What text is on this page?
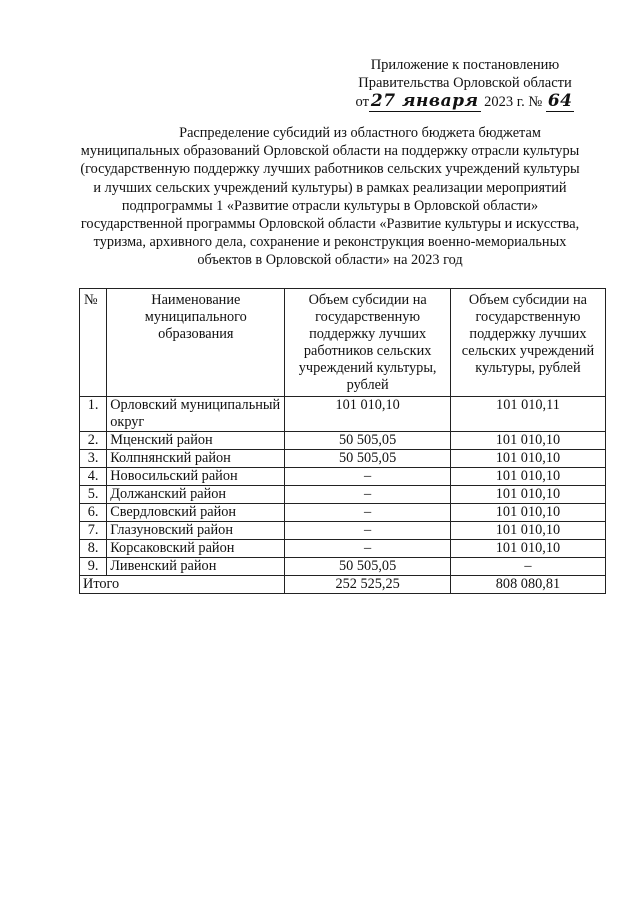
Приложение к постановлению
Правительства Орловской области
от 27 января 2023 г. № 64
Распределение субсидий из областного бюджета бюджетам муниципальных образований Орловской области на поддержку отрасли культуры (государственную поддержку лучших работников сельских учреждений культуры и лучших сельских учреждений культуры) в рамках реализации мероприятий подпрограммы 1 «Развитие отрасли культуры в Орловской области» государственной программы Орловской области «Развитие культуры и искусства, туризма, архивного дела, сохранение и реконструкция военно-мемориальных объектов в Орловской области» на 2023 год
№	Наименование муниципального образования	Объем субсидии на государственную поддержку лучших работников сельских учреждений культуры, рублей	Объем субсидии на государственную поддержку лучших сельских учреждений культуры, рублей
1.	Орловский муниципальный округ	101 010,10	101 010,11
2.	Мценский район	50 505,05	101 010,10
3.	Колпнянский район	50 505,05	101 010,10
4.	Новосильский район	–	101 010,10
5.	Должанский район	–	101 010,10
6.	Свердловский район	–	101 010,10
7.	Глазуновский район	–	101 010,10
8.	Корсаковский район	–	101 010,10
9.	Ливенский район	50 505,05	–
Итого		252 525,25	808 080,81
